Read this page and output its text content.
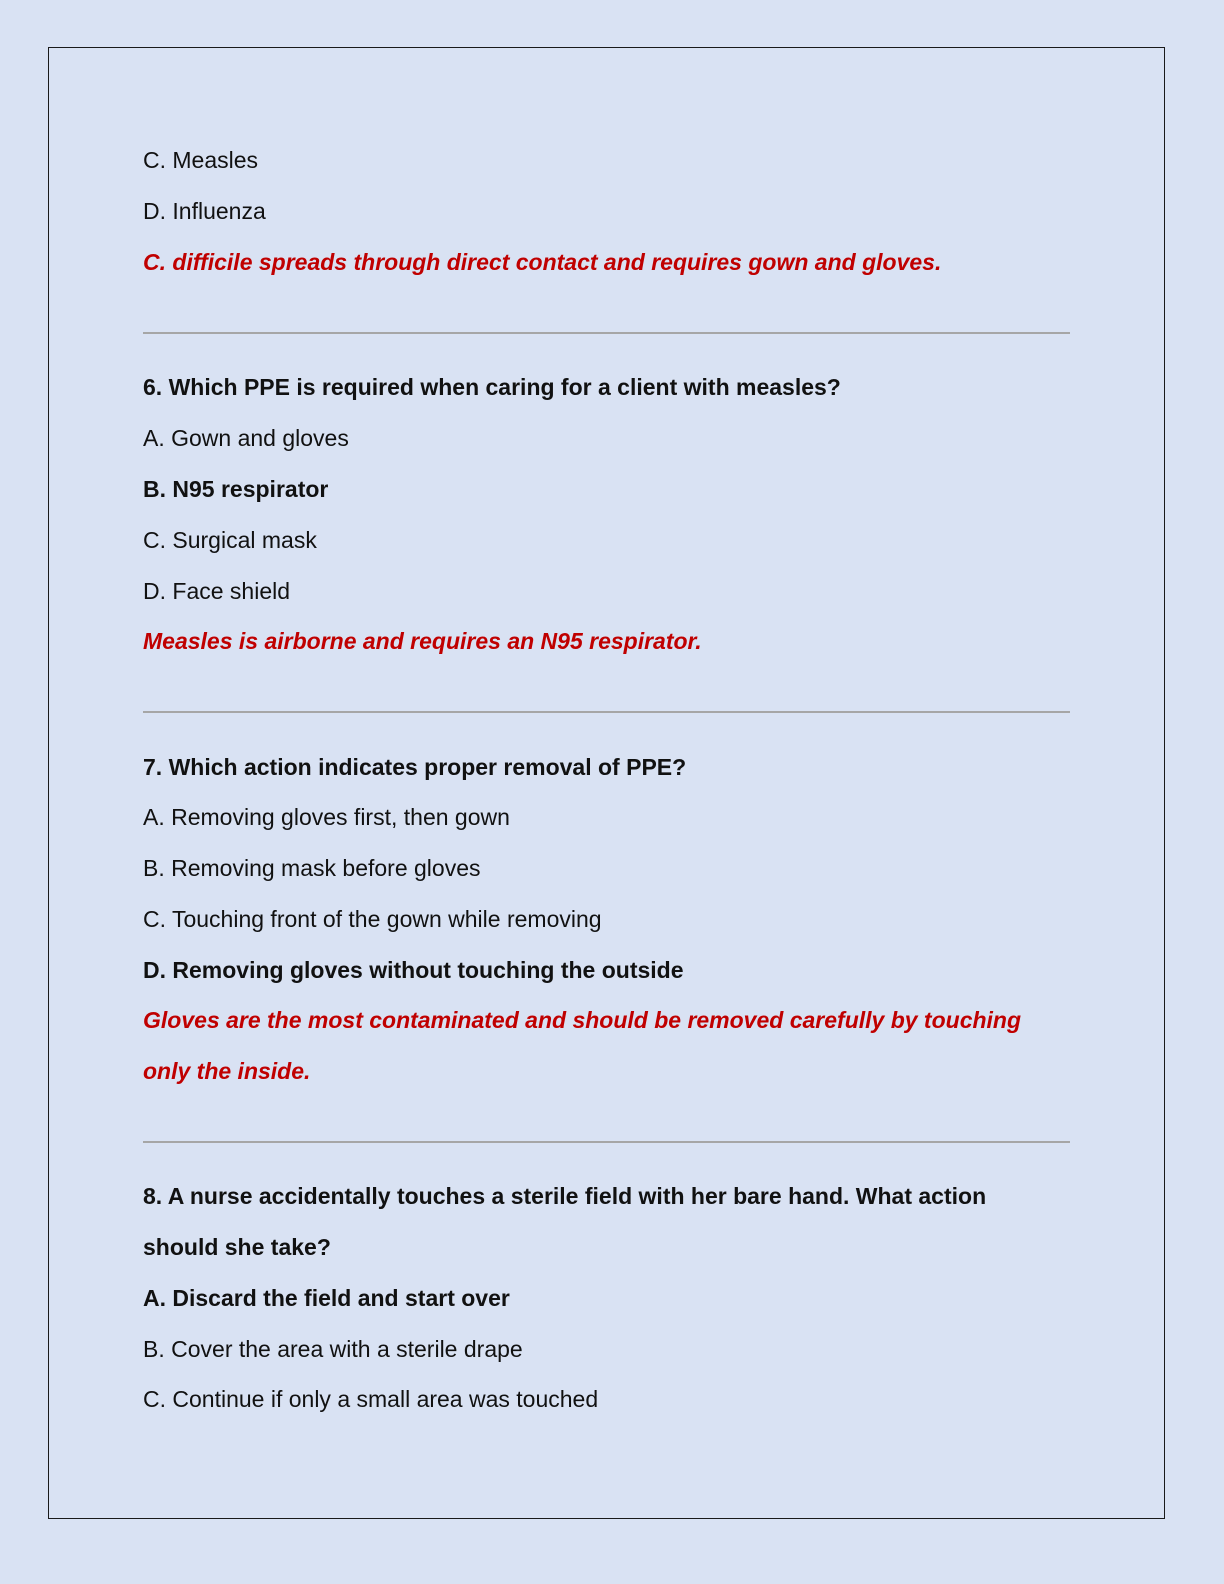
C. Measles
D. Influenza
C. difficile spreads through direct contact and requires gown and gloves.
6. Which PPE is required when caring for a client with measles?
A. Gown and gloves
B. N95 respirator
C. Surgical mask
D. Face shield
Measles is airborne and requires an N95 respirator.
7. Which action indicates proper removal of PPE?
A. Removing gloves first, then gown
B. Removing mask before gloves
C. Touching front of the gown while removing
D. Removing gloves without touching the outside
Gloves are the most contaminated and should be removed carefully by touching
only the inside.
8. A nurse accidentally touches a sterile field with her bare hand. What action
should she take?
A. Discard the field and start over
B. Cover the area with a sterile drape
C. Continue if only a small area was touched
